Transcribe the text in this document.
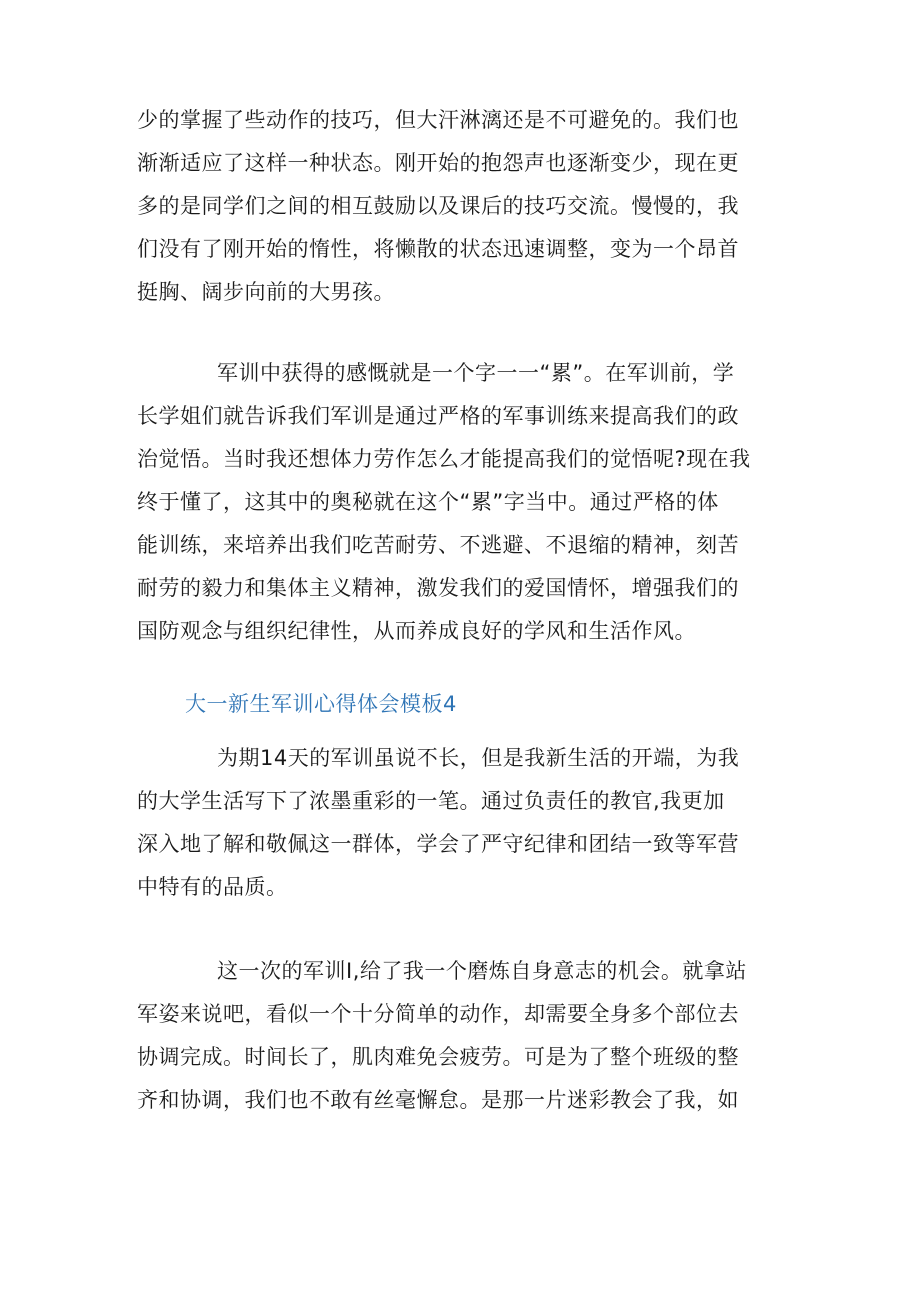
少的掌握了些动作的技巧，但大汗淋漓还是不可避免的。我们也
渐渐适应了这样一种状态。刚开始的抱怨声也逐渐变少，现在更
多的是同学们之间的相互鼓励以及课后的技巧交流。慢慢的，我
们没有了刚开始的惰性，将懒散的状态迅速调整，变为一个昂首
挺胸、阔步向前的大男孩。
军训中获得的感慨就是一个字一一“累”。在军训前，学
长学姐们就告诉我们军训是通过严格的军事训练来提高我们的政
治觉悟。当时我还想体力劳作怎么才能提高我们的觉悟呢?现在我
终于懂了，这其中的奥秘就在这个“累”字当中。通过严格的体
能训练，来培养出我们吃苦耐劳、不逃避、不退缩的精神，刻苦
耐劳的毅力和集体主义精神，激发我们的爱国情怀，增强我们的
国防观念与组织纪律性，从而养成良好的学风和生活作风。
大一新生军训心得体会模板4
为期14天的军训虽说不长，但是我新生活的开端，为我
的大学生活写下了浓墨重彩的一笔。通过负责任的教官,我更加
深入地了解和敬佩这一群体，学会了严守纪律和团结一致等军营
中特有的品质。
这一次的军训I,给了我一个磨炼自身意志的机会。就拿站
军姿来说吧，看似一个十分简单的动作，却需要全身多个部位去
协调完成。时间长了，肌肉难免会疲劳。可是为了整个班级的整
齐和协调，我们也不敢有丝毫懈怠。是那一片迷彩教会了我，如
